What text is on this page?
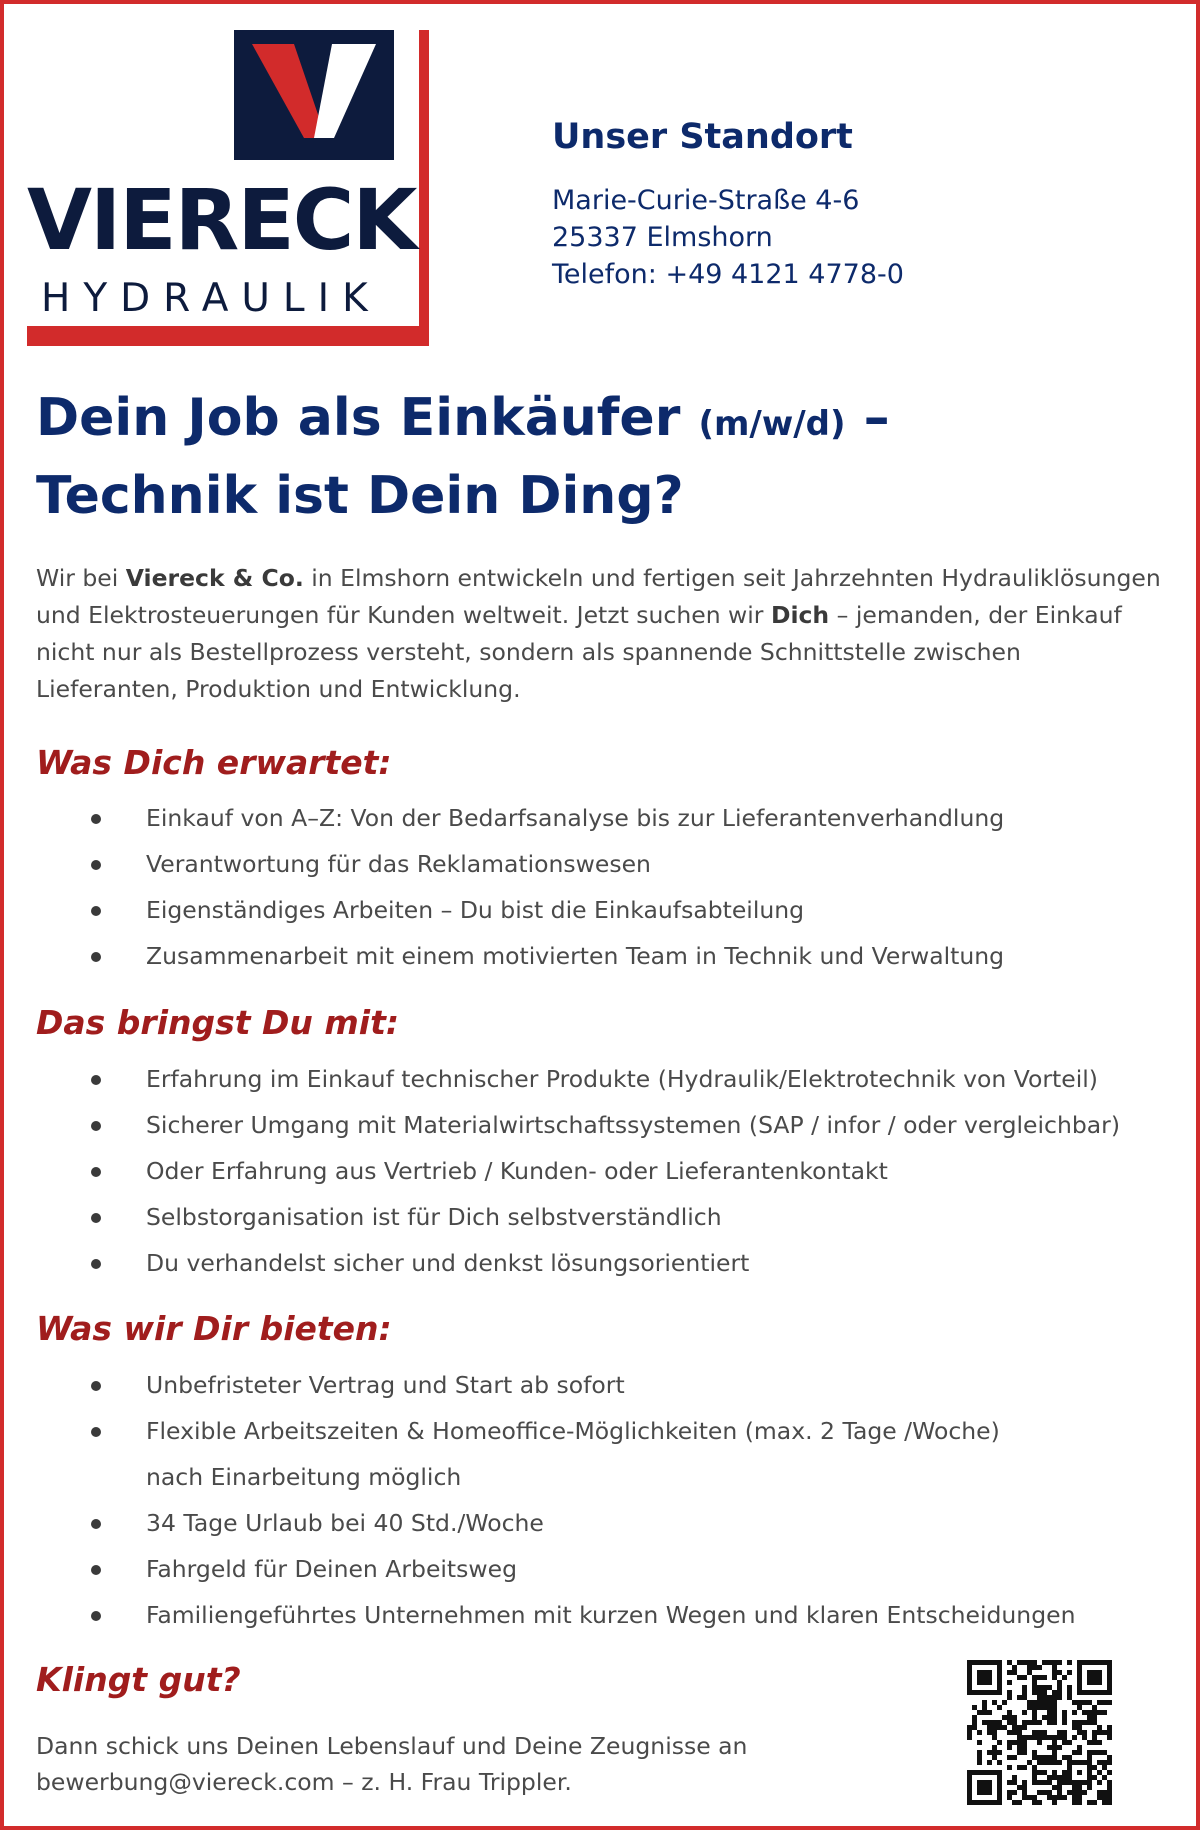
VIERECK
HYDRAULIK
Unser Standort
Marie-Curie-Straße 4-6
25337 Elmshorn
Telefon: +49 4121 4778-0
Dein Job als Einkäufer (m/w/d) –
Technik ist Dein Ding?
Wir bei Viereck & Co. in Elmshorn entwickeln und fertigen seit Jahrzehnten Hydrauliklösungen und Elektrosteuerungen für Kunden weltweit. Jetzt suchen wir Dich – jemanden, der Einkauf nicht nur als Bestellprozess versteht, sondern als spannende Schnittstelle zwischen Lieferanten, Produktion und Entwicklung.
Was Dich erwartet:
Einkauf von A–Z: Von der Bedarfsanalyse bis zur Lieferantenverhandlung
Verantwortung für das Reklamationswesen
Eigenständiges Arbeiten – Du bist die Einkaufsabteilung
Zusammenarbeit mit einem motivierten Team in Technik und Verwaltung
Das bringst Du mit:
Erfahrung im Einkauf technischer Produkte (Hydraulik/Elektrotechnik von Vorteil)
Sicherer Umgang mit Materialwirtschaftssystemen (SAP / infor / oder vergleichbar)
Oder Erfahrung aus Vertrieb / Kunden- oder Lieferantenkontakt
Selbstorganisation ist für Dich selbstverständlich
Du verhandelst sicher und denkst lösungsorientiert
Was wir Dir bieten:
Unbefristeter Vertrag und Start ab sofort
Flexible Arbeitszeiten & Homeoffice-Möglichkeiten (max. 2 Tage /Woche)
nach Einarbeitung möglich
34 Tage Urlaub bei 40 Std./Woche
Fahrgeld für Deinen Arbeitsweg
Familiengeführtes Unternehmen mit kurzen Wegen und klaren Entscheidungen
Klingt gut?
Dann schick uns Deinen Lebenslauf und Deine Zeugnisse an
bewerbung@viereck.com – z. H. Frau Trippler.
